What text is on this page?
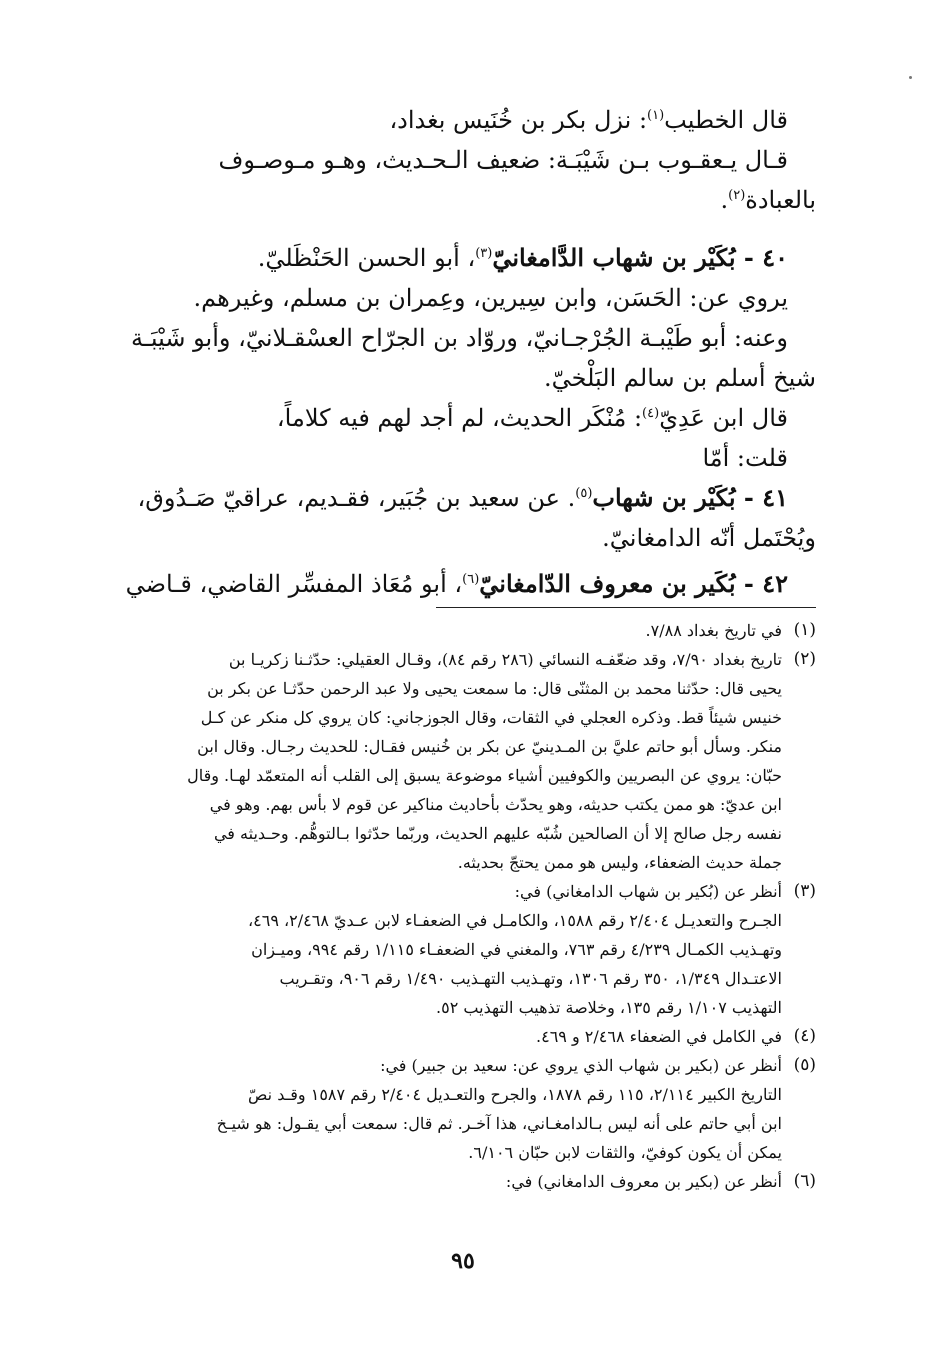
قال الخطيب$^{(١)}$: نزل بكر بن خُنَيس بغداد،

قـال يـعقـوب بـن شَيْبَـة: ضعيف الـحـديث، وهـو مـوصـوف

بالعبادة$^{(٢)}$.

٤٠ - بُكَيْر بن شهاب الدَّامغانيّ$^{(٣)}$، أبو الحسن الحَنْظَليّ.

يروي عن: الحَسَن، وابن سِيرين، وعِمران بن مسلم، وغيرهم.

وعنه: أبو طَيْبـة الجُرْجـانيّ، وروّاد بن الجرّاح العسْقـلانيّ، وأبو شَيْبَـة

شيخ أسلم بن سالم البَلْخيّ.

قال ابن عَدِيّ$^{(٤)}$: مُنْكَر الحديث، لم أجد لهم فيه كلاماً،

قلت: أمّا

٤١ - بُكَيْر بن شهاب$^{(٥)}$. عن سعيد بن جُبَير، فقـديم، عراقيّ صَـدُوق،

ويُحْتَمل أنّه الدامغانيّ.

٤٢ - بُكَير بن معروف الدّامغانيّ$^{(٦)}$، أبو مُعَاذ المفسِّر القاضي، قـاضي

(١)

في تاريخ بغداد ٧/٨٨.

(٢)

تاريخ بغداد ٧/٩٠، وقد ضعّفـه النسائي (٢٨٦ رقم ٨٤)، وقـال العقيلي: حدّثـنا زكريـا بن

يحيى قال: حدّثنا محمد بن المثنّى قال: ما سمعت يحيى ولا عبد الرحمن حدّثـا عن بكر بن

خنيس شيئاً قط. وذكره العجلي في الثقات، وقال الجوزجاني: كان يروي كل منكر عن كـل

منكر. وسأل أبو حاتم عليَّ بن المـدينيّ عن بكر بن خُنيس فقـال: للحديث رجـال. وقال ابن

حبّان: يروي عن البصريين والكوفيين أشياء موضوعة يسبق إلى القلب أنه المتعمّد لهـا. وقال

ابن عديّ: هو ممن يكتب حديثه، وهو يحدّث بأحاديث مناكير عن قوم لا بأس بهم. وهو في

نفسه رجل صالح إلا أن الصالحين شُبّه عليهم الحديث، وربّما حدّثوا بـالتوهُّم. وحـديثه في

جملة حديث الضعفاء، وليس هو ممن يحتجّ بحديثه.

(٣)

أنظر عن (بُكير بن شهاب الدامغاني) في:

الجـرح والتعديـل ٢/٤٠٤ رقم ١٥٨٨، والكامـل في الضعفـاء لابن عـديّ ٢/٤٦٨، ٤٦٩،

وتهـذيب الكمـال ٤/٢٣٩ رقم ٧٦٣، والمغني في الضعفـاء ١/١١٥ رقم ٩٩٤، وميـزان

الاعتـدال ١/٣٤٩، ٣٥٠ رقم ١٣٠٦، وتهـذيب التهـذيب ١/٤٩٠ رقم ٩٠٦، وتقـريب

التهذيب ١/١٠٧ رقم ١٣٥، وخلاصة تذهيب التهذيب ٥٢.

(٤)

في الكامل في الضعفاء ٢/٤٦٨ و ٤٦٩.

(٥)

أنظر عن (بكير بن شهاب الذي يروي عن: سعيد بن جبير) في:

التاريخ الكبير ٢/١١٤، ١١٥ رقم ١٨٧٨، والجرح والتعـديل ٢/٤٠٤ رقم ١٥٨٧ وقـد نصّ

ابن أبي حاتم على أنه ليس بـالدامغـاني، هذا آخـر. ثم قال: سمعت أبي يقـول: هو شيـخ

يمكن أن يكون كوفيّ، والثقات لابن حبّان ٦/١٠٦.

(٦)

أنظر عن (بكير بن معروف الدامغاني) في:

٩٥
